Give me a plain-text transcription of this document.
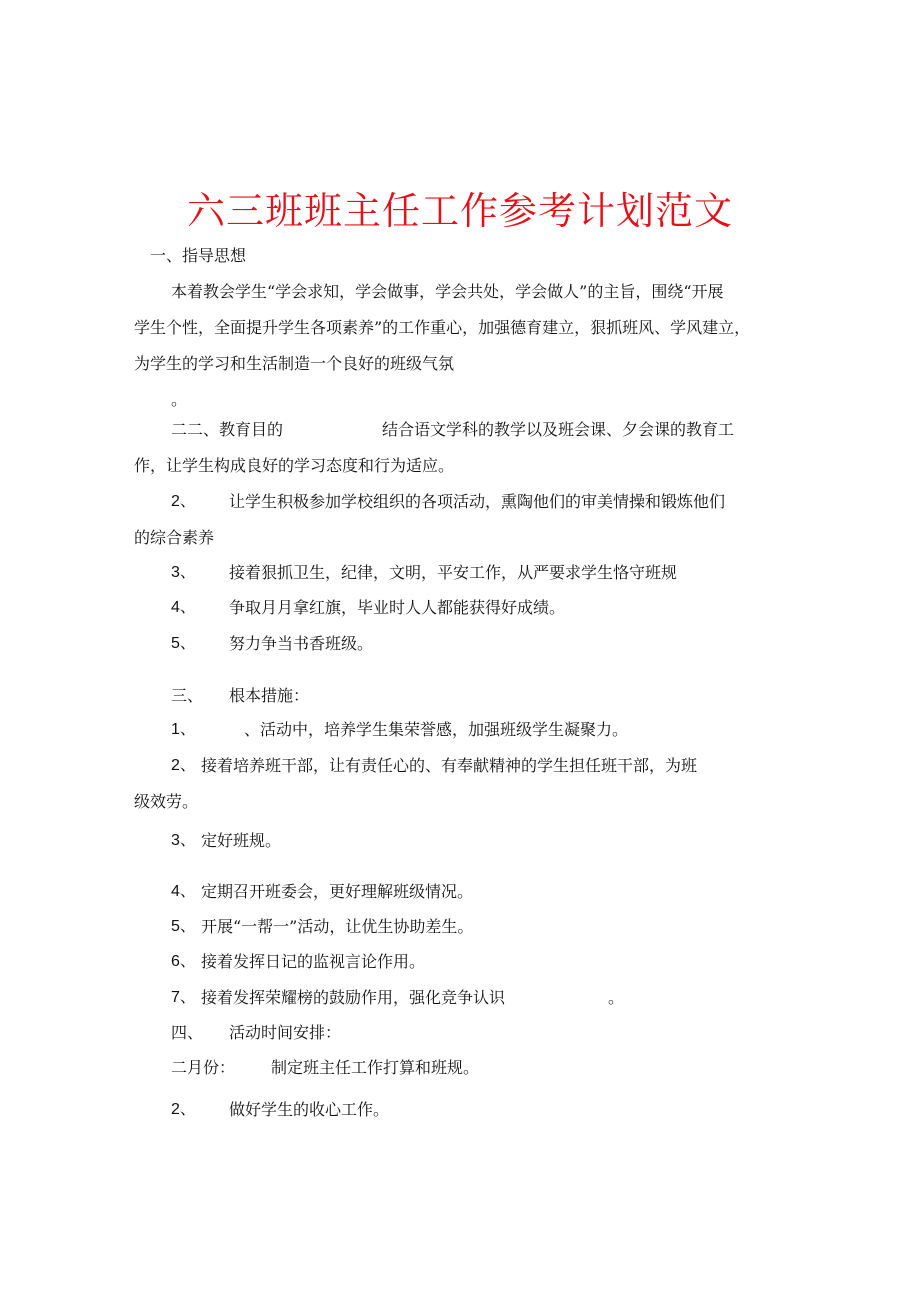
六三班班主任工作参考计划范文
一、指导思想
本着教会学生“学会求知，学会做事，学会共处，学会做人”的主旨，围绕“开展
学生个性，全面提升学生各项素养”的工作重心，加强德育建立，狠抓班风、学风建立，
为学生的学习和生活制造一个良好的班级气氛
。
二二、教育目的	结合语文学科的教学以及班会课、夕会课的教育工
作，让学生构成良好的学习态度和行为适应。
2、 让学生积极参加学校组织的各项活动，熏陶他们的审美情操和锻炼他们
的综合素养
3、 接着狠抓卫生，纪律，文明，平安工作，从严要求学生恪守班规
4、 争取月月拿红旗，毕业时人人都能获得好成绩。
5、 努力争当书香班级。
三、 根本措施：
1、	、活动中，培养学生集荣誉感，加强班级学生凝聚力。
2、 接着培养班干部，让有责任心的、有奉献精神的学生担任班干部，为班
级效劳。
3、 定好班规。
4、 定期召开班委会，更好理解班级情况。
5、 开展“一帮一”活动，让优生协助差生。
6、 接着发挥日记的监视言论作用。
7、 接着发挥荣耀榜的鼓励作用，强化竞争认识	。
四、 活动时间安排：
二月份： 制定班主任工作打算和班规。
2、 做好学生的收心工作。
